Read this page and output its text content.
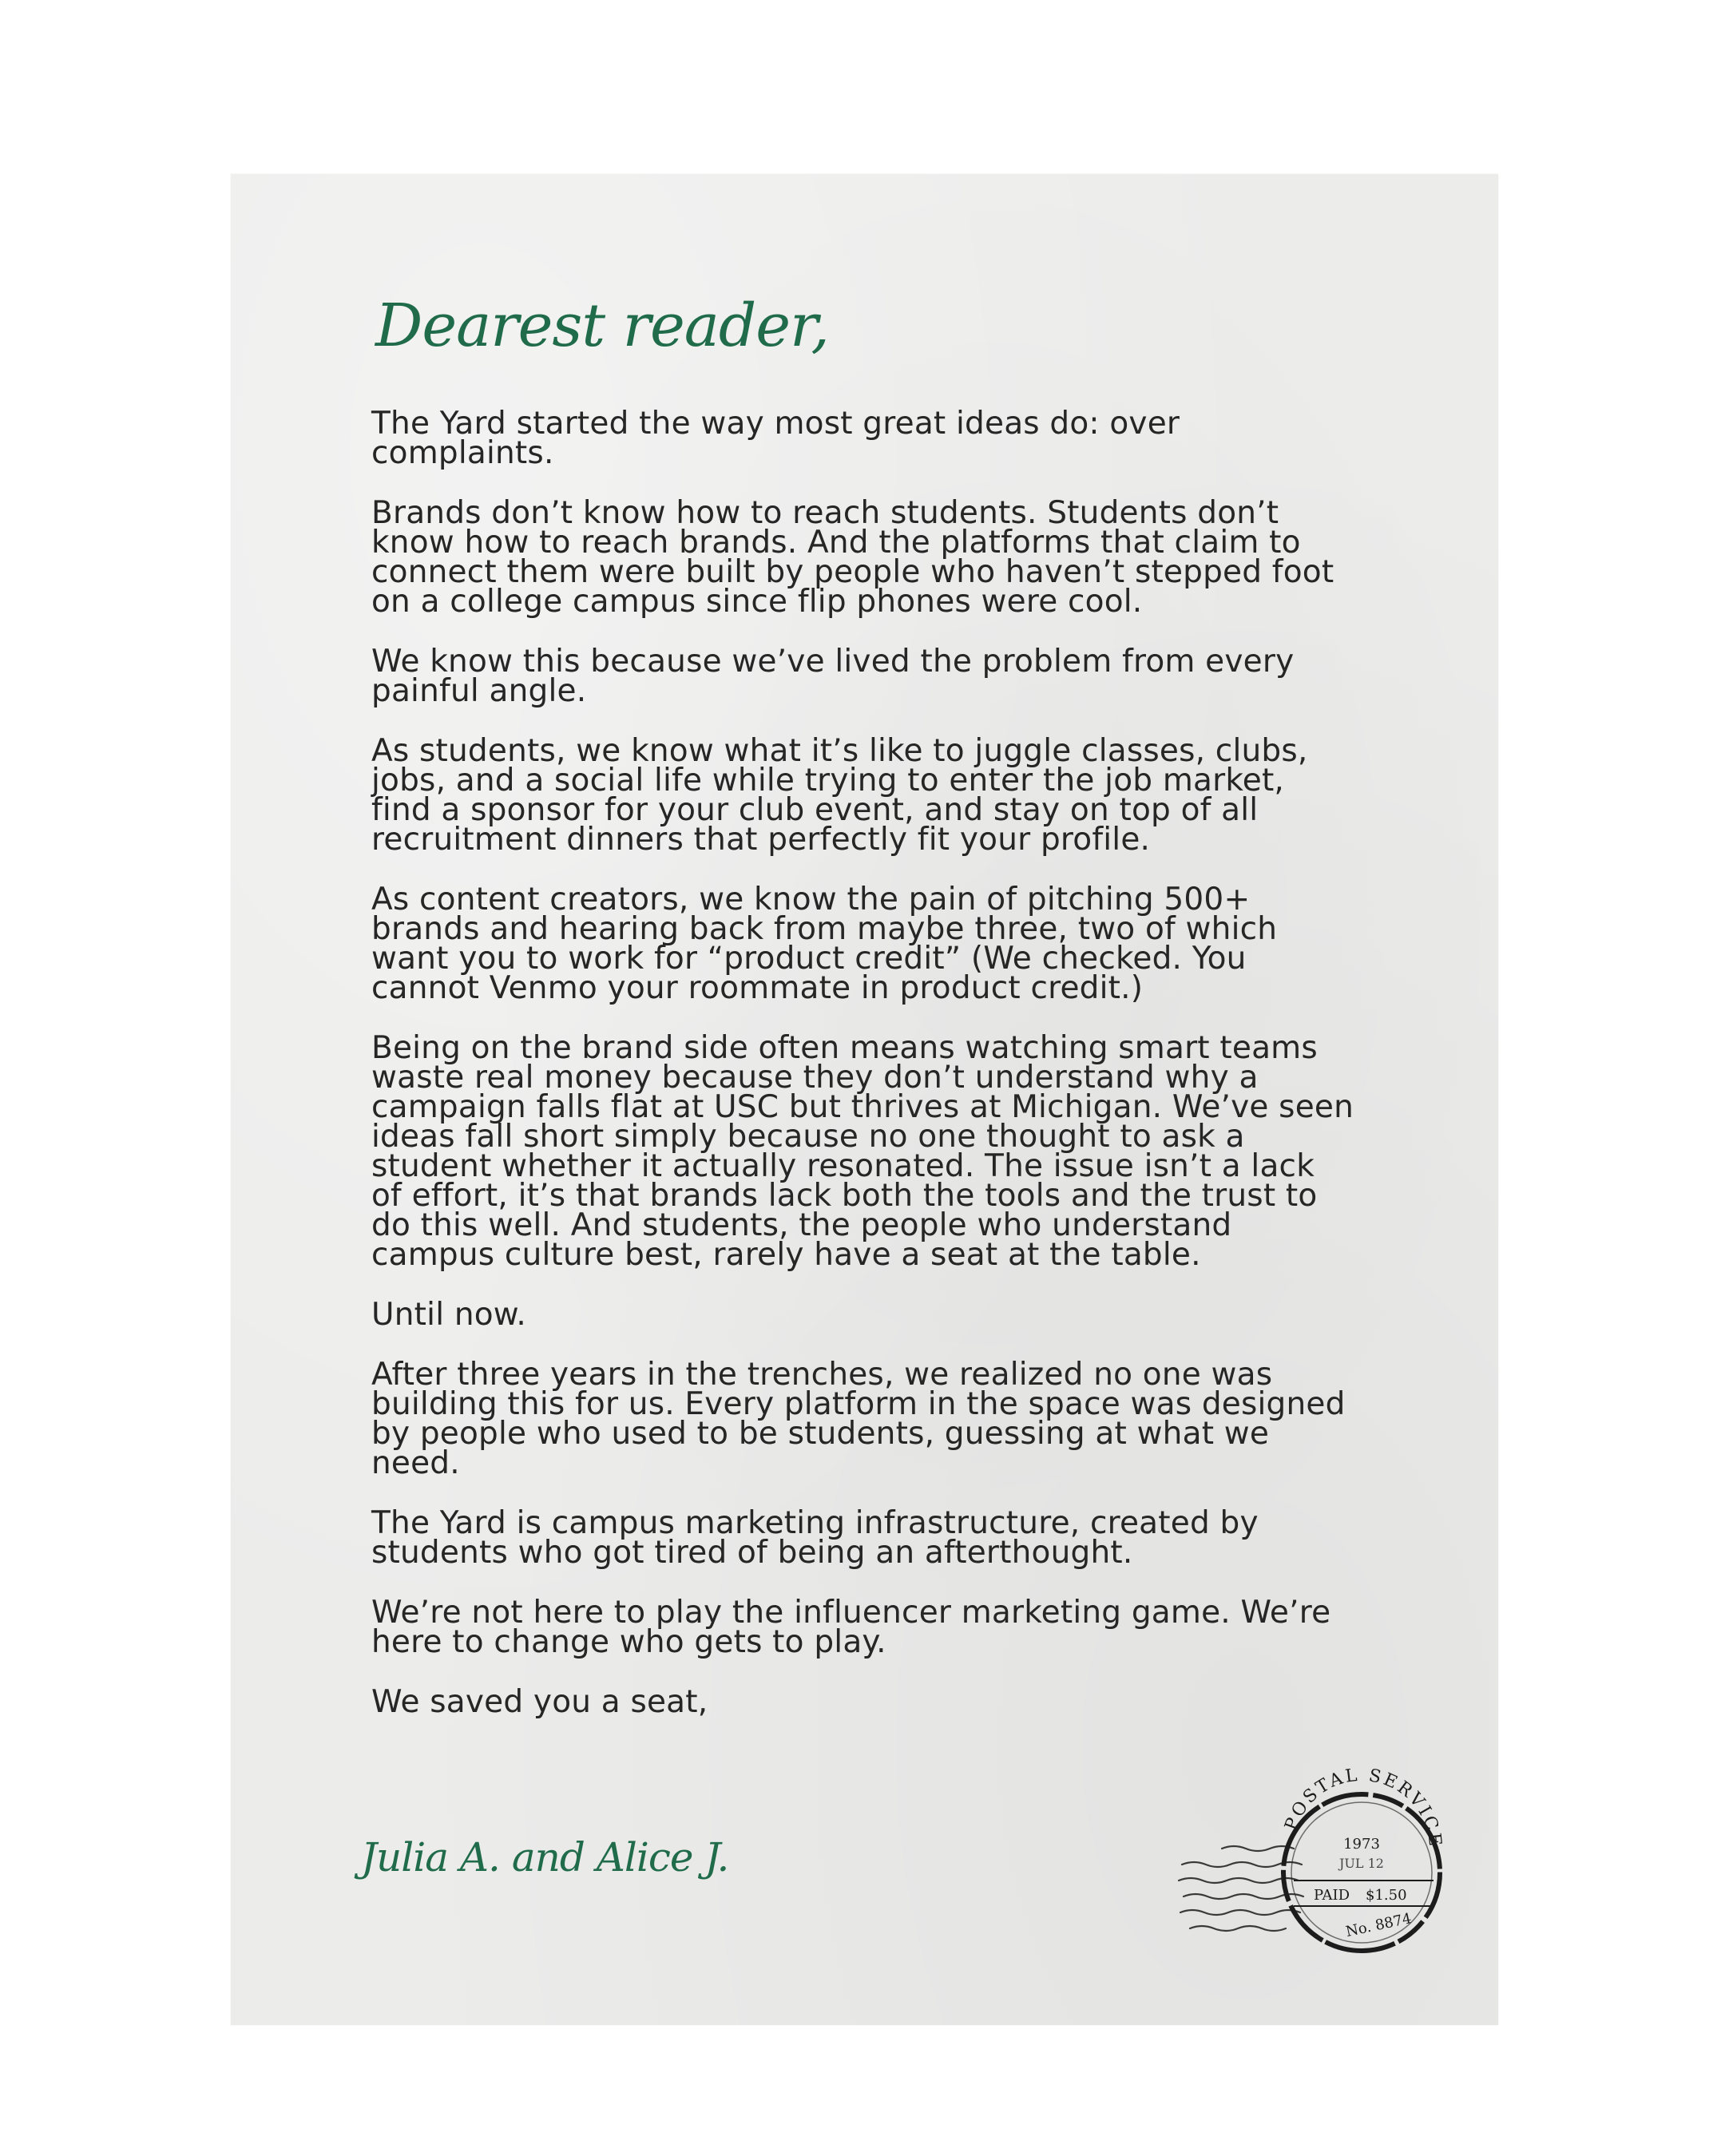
Dearest reader,

The Yard started the way most great ideas do: over complaints.

Brands don’t know how to reach students. Students don’t know how to reach brands. And the platforms that claim to connect them were built by people who haven’t stepped foot on a college campus since flip phones were cool.

We know this because we’ve lived the problem from every painful angle.

As students, we know what it’s like to juggle classes, clubs, jobs, and a social life while trying to enter the job market, find a sponsor for your club event, and stay on top of all recruitment dinners that perfectly fit your profile.

As content creators, we know the pain of pitching 500+ brands and hearing back from maybe three, two of which want you to work for “product credit” (We checked. You cannot Venmo your roommate in product credit.)

Being on the brand side often means watching smart teams waste real money because they don’t understand why a campaign falls flat at USC but thrives at Michigan. We’ve seen ideas fall short simply because no one thought to ask a student whether it actually resonated. The issue isn’t a lack of effort, it’s that brands lack both the tools and the trust to do this well. And students, the people who understand campus culture best, rarely have a seat at the table.

Until now.

After three years in the trenches, we realized no one was building this for us. Every platform in the space was designed by people who used to be students, guessing at what we need.

The Yard is campus marketing infrastructure, created by students who got tired of being an afterthought.

We’re not here to play the influencer marketing game. We’re here to change who gets to play.

We saved you a seat,

Julia A. and Alice J.
POSTAL SERVICE
1973
JUL 12
PAID $1.50
No. 8874
